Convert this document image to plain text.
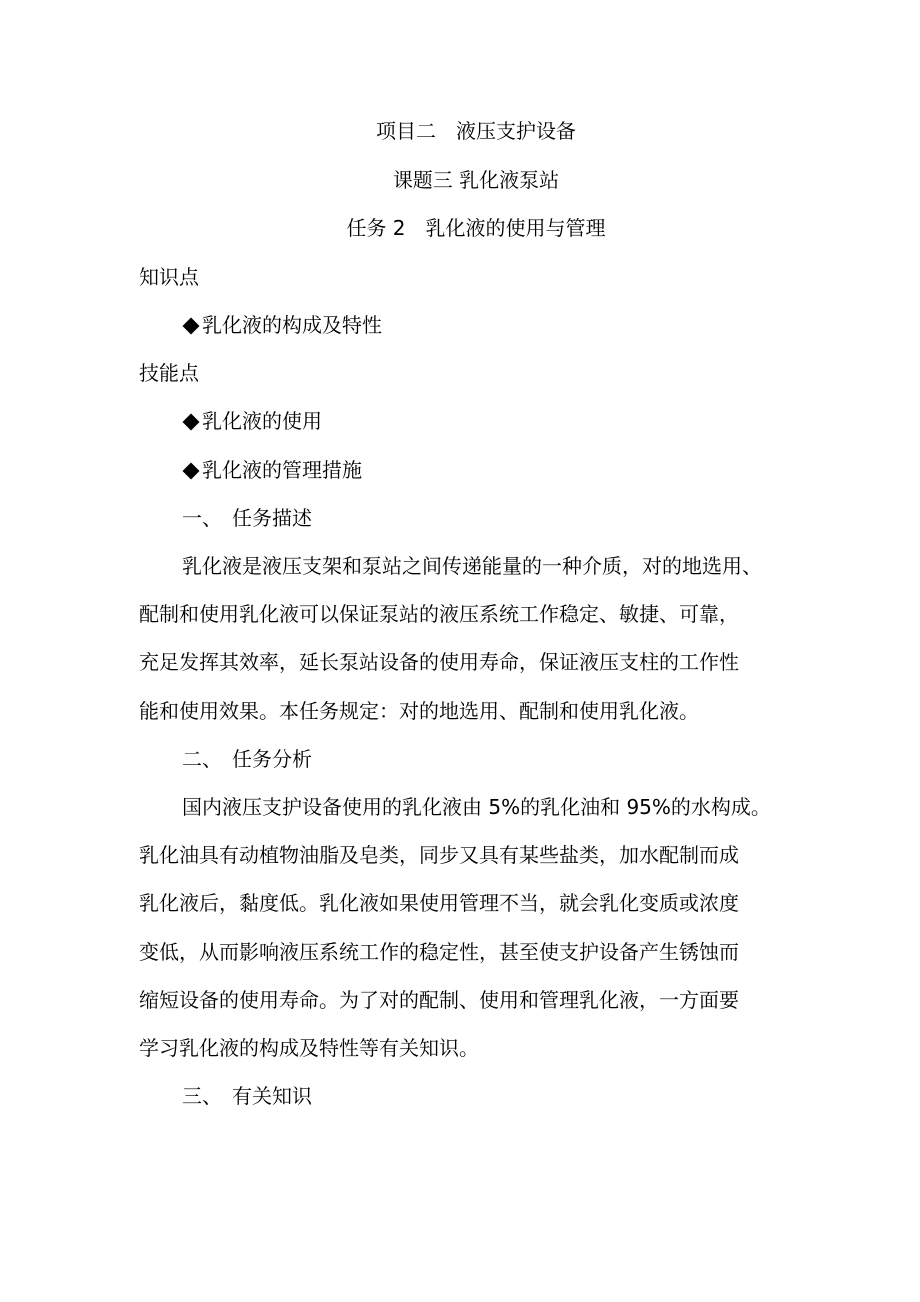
项目二　液压支护设备
课题三 乳化液泵站
任务 2　乳化液的使用与管理
知识点
乳化液的构成及特性
技能点
乳化液的使用
乳化液的管理措施
一、　任务描述
乳化液是液压支架和泵站之间传递能量的一种介质，对的地选用、
配制和使用乳化液可以保证泵站的液压系统工作稳定、敏捷、可靠，
充足发挥其效率，延长泵站设备的使用寿命，保证液压支柱的工作性
能和使用效果。本任务规定：对的地选用、配制和使用乳化液。
二、　任务分析
国内液压支护设备使用的乳化液由 5%的乳化油和 95%的水构成。
乳化油具有动植物油脂及皂类，同步又具有某些盐类，加水配制而成
乳化液后，黏度低。乳化液如果使用管理不当，就会乳化变质或浓度
变低，从而影响液压系统工作的稳定性，甚至使支护设备产生锈蚀而
缩短设备的使用寿命。为了对的配制、使用和管理乳化液，一方面要
学习乳化液的构成及特性等有关知识。
三、　有关知识
